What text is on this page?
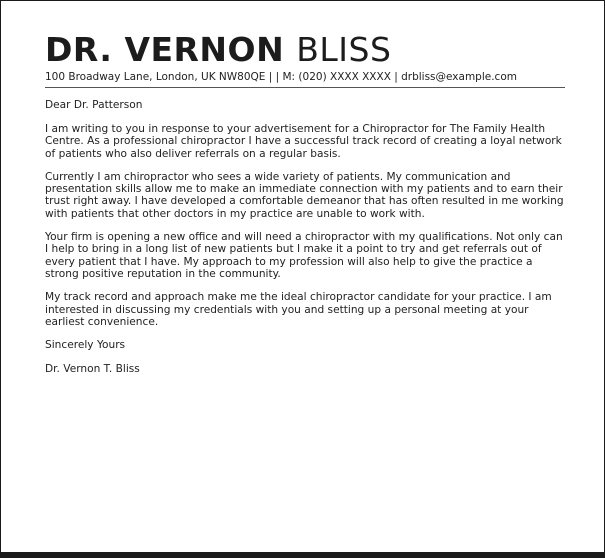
DR. VERNON BLISS
100 Broadway Lane, London, UK NW80QE | | M: (020) XXXX XXXX | drbliss@example.com
Dear Dr. Patterson

I am writing to you in response to your advertisement for a Chiropractor for The Family Health Centre. As a professional chiropractor I have a successful track record of creating a loyal network of patients who also deliver referrals on a regular basis.

Currently I am chiropractor who sees a wide variety of patients. My communication and presentation skills allow me to make an immediate connection with my patients and to earn their trust right away. I have developed a comfortable demeanor that has often resulted in me working with patients that other doctors in my practice are unable to work with.

Your firm is opening a new office and will need a chiropractor with my qualifications. Not only can I help to bring in a long list of new patients but I make it a point to try and get referrals out of every patient that I have. My approach to my profession will also help to give the practice a strong positive reputation in the community.

My track record and approach make me the ideal chiropractor candidate for your practice. I am interested in discussing my credentials with you and setting up a personal meeting at your earliest convenience.

Sincerely Yours
Dr. Vernon T. Bliss
